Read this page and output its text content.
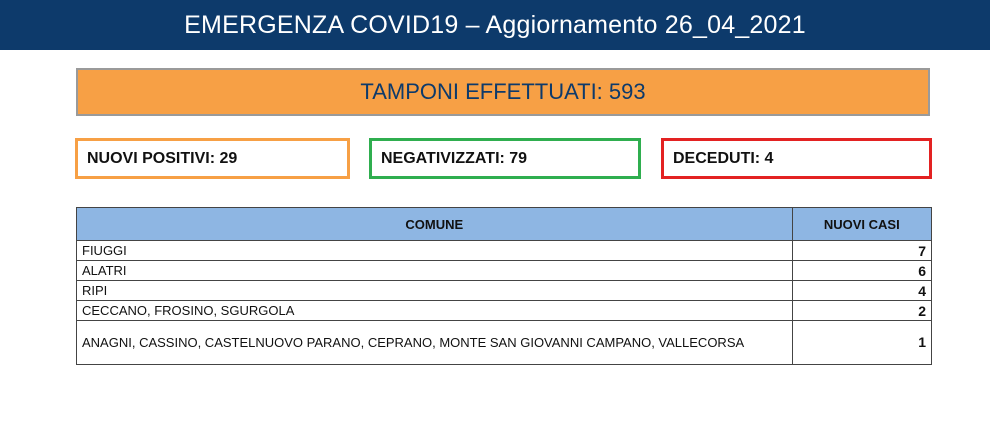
EMERGENZA COVID19 – Aggiornamento 26_04_2021
TAMPONI EFFETTUATI: 593
NUOVI POSITIVI: 29	NEGATIVIZZATI: 79	DECEDUTI: 4
COMUNE	NUOVI CASI
FIUGGI	7
ALATRI	6
RIPI	4
CECCANO, FROSINO, SGURGOLA	2
ANAGNI, CASSINO, CASTELNUOVO PARANO, CEPRANO, MONTE SAN GIOVANNI CAMPANO, VALLECORSA	1
